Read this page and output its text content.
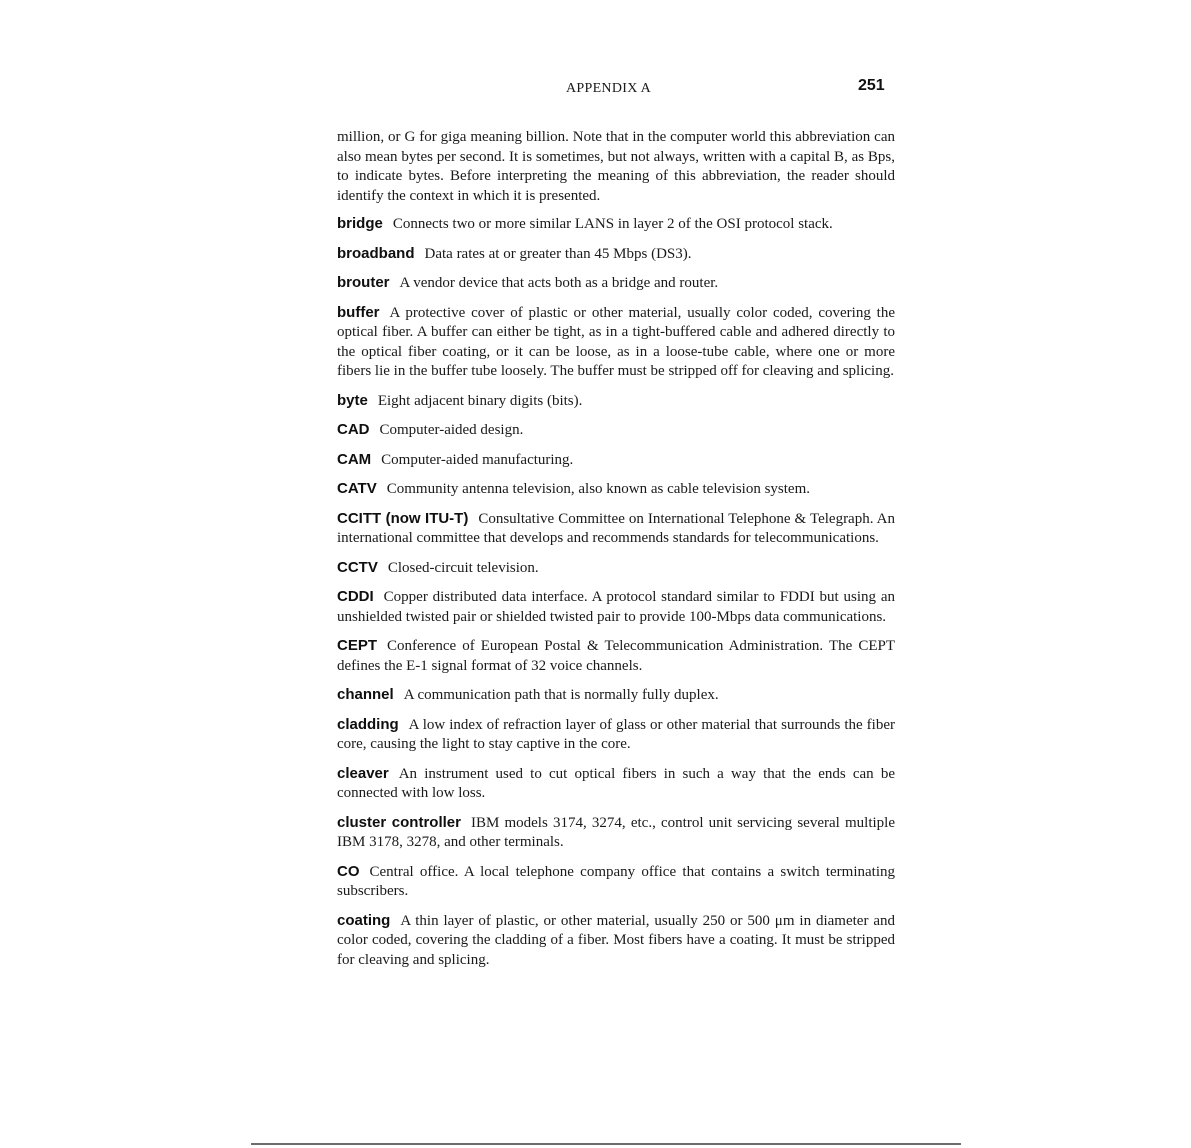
APPENDIX A	251

million, or G for giga meaning billion. Note that in the computer world this abbreviation can also mean bytes per second. It is sometimes, but not always, written with a capital B, as Bps, to indicate bytes. Before interpreting the meaning of this abbreviation, the reader should identify the context in which it is presented.

bridge Connects two or more similar LANS in layer 2 of the OSI protocol stack.

broadband Data rates at or greater than 45 Mbps (DS3).

brouter A vendor device that acts both as a bridge and router.

buffer A protective cover of plastic or other material, usually color coded, covering the optical fiber. A buffer can either be tight, as in a tight-buffered cable and adhered directly to the optical fiber coating, or it can be loose, as in a loose-tube cable, where one or more fibers lie in the buffer tube loosely. The buffer must be stripped off for cleaving and splicing.

byte Eight adjacent binary digits (bits).

CAD Computer-aided design.

CAM Computer-aided manufacturing.

CATV Community antenna television, also known as cable television system.

CCITT (now ITU-T) Consultative Committee on International Telephone & Telegraph. An international committee that develops and recommends standards for telecommunications.

CCTV Closed-circuit television.

CDDI Copper distributed data interface. A protocol standard similar to FDDI but using an unshielded twisted pair or shielded twisted pair to provide 100-Mbps data communications.

CEPT Conference of European Postal & Telecommunication Administration. The CEPT defines the E-1 signal format of 32 voice channels.

channel A communication path that is normally fully duplex.

cladding A low index of refraction layer of glass or other material that surrounds the fiber core, causing the light to stay captive in the core.

cleaver An instrument used to cut optical fibers in such a way that the ends can be connected with low loss.

cluster controller IBM models 3174, 3274, etc., control unit servicing several multiple IBM 3178, 3278, and other terminals.

CO Central office. A local telephone company office that contains a switch terminating subscribers.

coating A thin layer of plastic, or other material, usually 250 or 500 μm in diameter and color coded, covering the cladding of a fiber. Most fibers have a coating. It must be stripped for cleaving and splicing.
